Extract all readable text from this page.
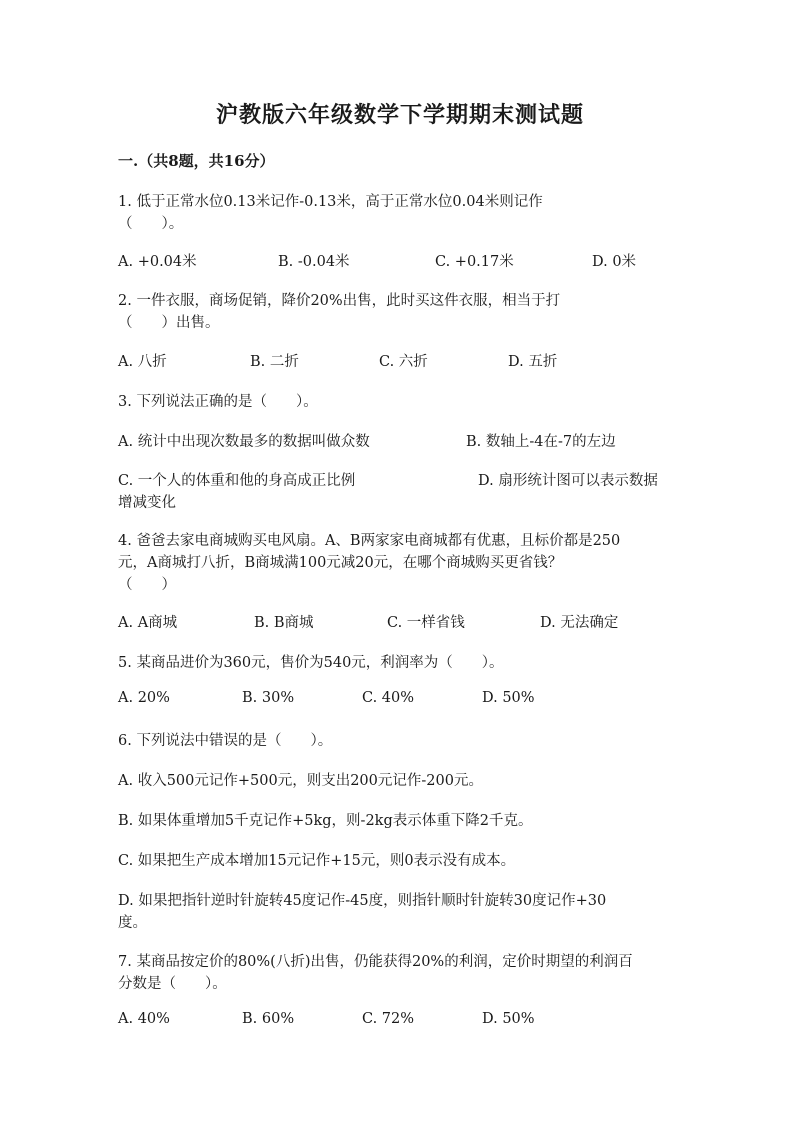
沪教版六年级数学下学期期末测试题
一.（共8题，共16分）
1. 低于正常水位0.13米记作-0.13米，高于正常水位0.04米则记作
（　　）。
A. +0.04米	B. -0.04米	C. +0.17米	D. 0米
2. 一件衣服，商场促销，降价20%出售，此时买这件衣服，相当于打
（　　）出售。
A. 八折	B. 二折	C. 六折	D. 五折
3. 下列说法正确的是（　　）。
A. 统计中出现次数最多的数据叫做众数	B. 数轴上-4在-7的左边
C. 一个人的体重和他的身高成正比例	D. 扇形统计图可以表示数据
增减变化
4. 爸爸去家电商城购买电风扇。A、B两家家电商城都有优惠，且标价都是250
元，A商城打八折，B商城满100元减20元，在哪个商城购买更省钱？
（　　）
A. A商城	B. B商城	C. 一样省钱	D. 无法确定
5. 某商品进价为360元，售价为540元，利润率为（　　）。
A. 20%	B. 30%	C. 40%	D. 50%
6. 下列说法中错误的是（　　）。
A. 收入500元记作+500元，则支出200元记作-200元。
B. 如果体重增加5千克记作+5kg，则-2kg表示体重下降2千克。
C. 如果把生产成本增加15元记作+15元，则0表示没有成本。
D. 如果把指针逆时针旋转45度记作-45度，则指针顺时针旋转30度记作+30
度。
7. 某商品按定价的80%(八折)出售，仍能获得20%的利润，定价时期望的利润百
分数是（　　）。
A. 40%	B. 60%	C. 72%	D. 50%
